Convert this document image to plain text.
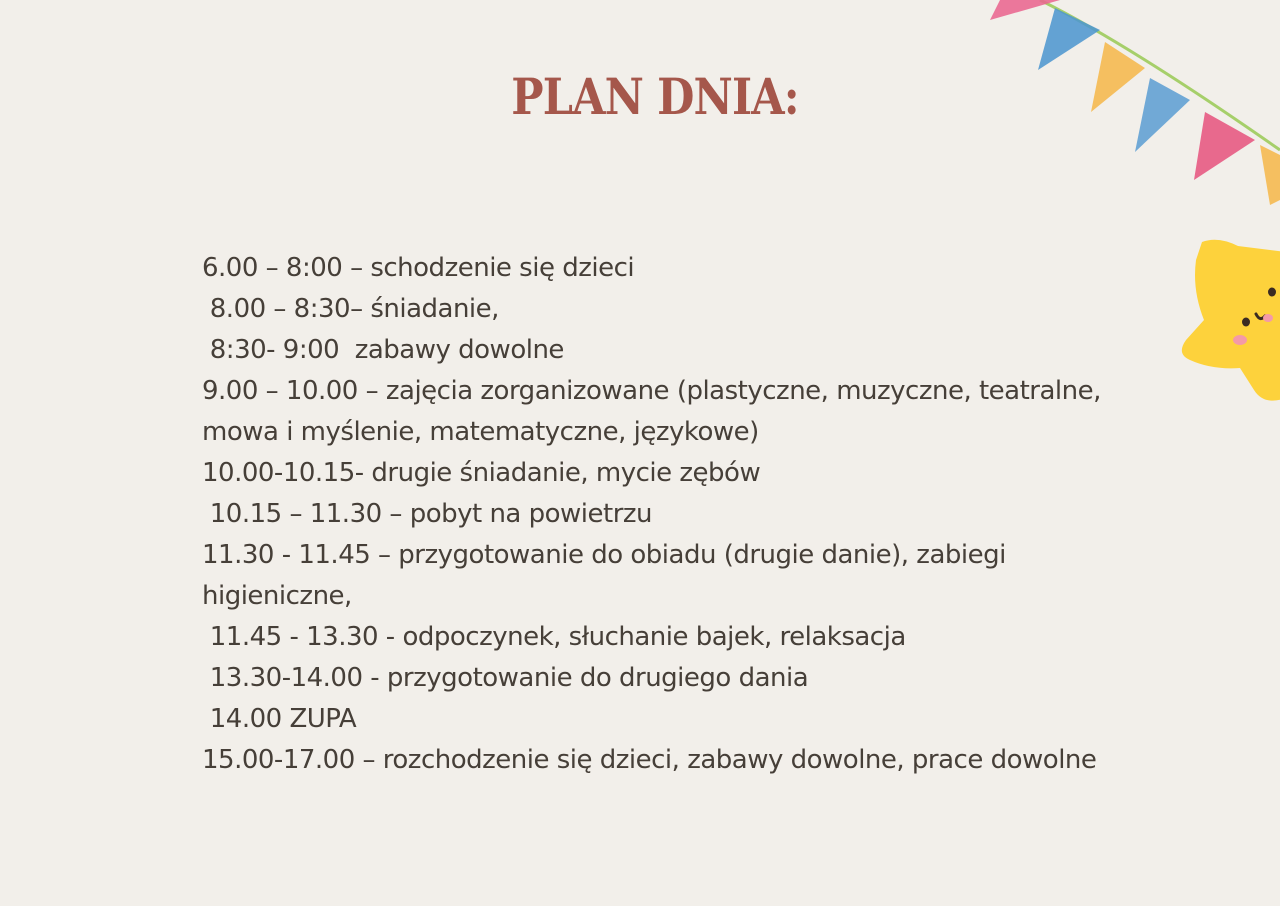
PLAN DNIA:
6.00 – 8:00 – schodzenie się dzieci
8.00 – 8:30– śniadanie,
8:30- 9:00  zabawy dowolne
9.00 – 10.00 – zajęcia zorganizowane (plastyczne, muzyczne, teatralne, mowa i myślenie, matematyczne, językowe)
10.00-10.15- drugie śniadanie, mycie zębów
10.15 – 11.30 – pobyt na powietrzu
11.30 - 11.45 – przygotowanie do obiadu (drugie danie), zabiegi higieniczne,
11.45 - 13.30 - odpoczynek, słuchanie bajek, relaksacja
13.30-14.00 - przygotowanie do drugiego dania
14.00 ZUPA
15.00-17.00 – rozchodzenie się dzieci, zabawy dowolne, prace dowolne
